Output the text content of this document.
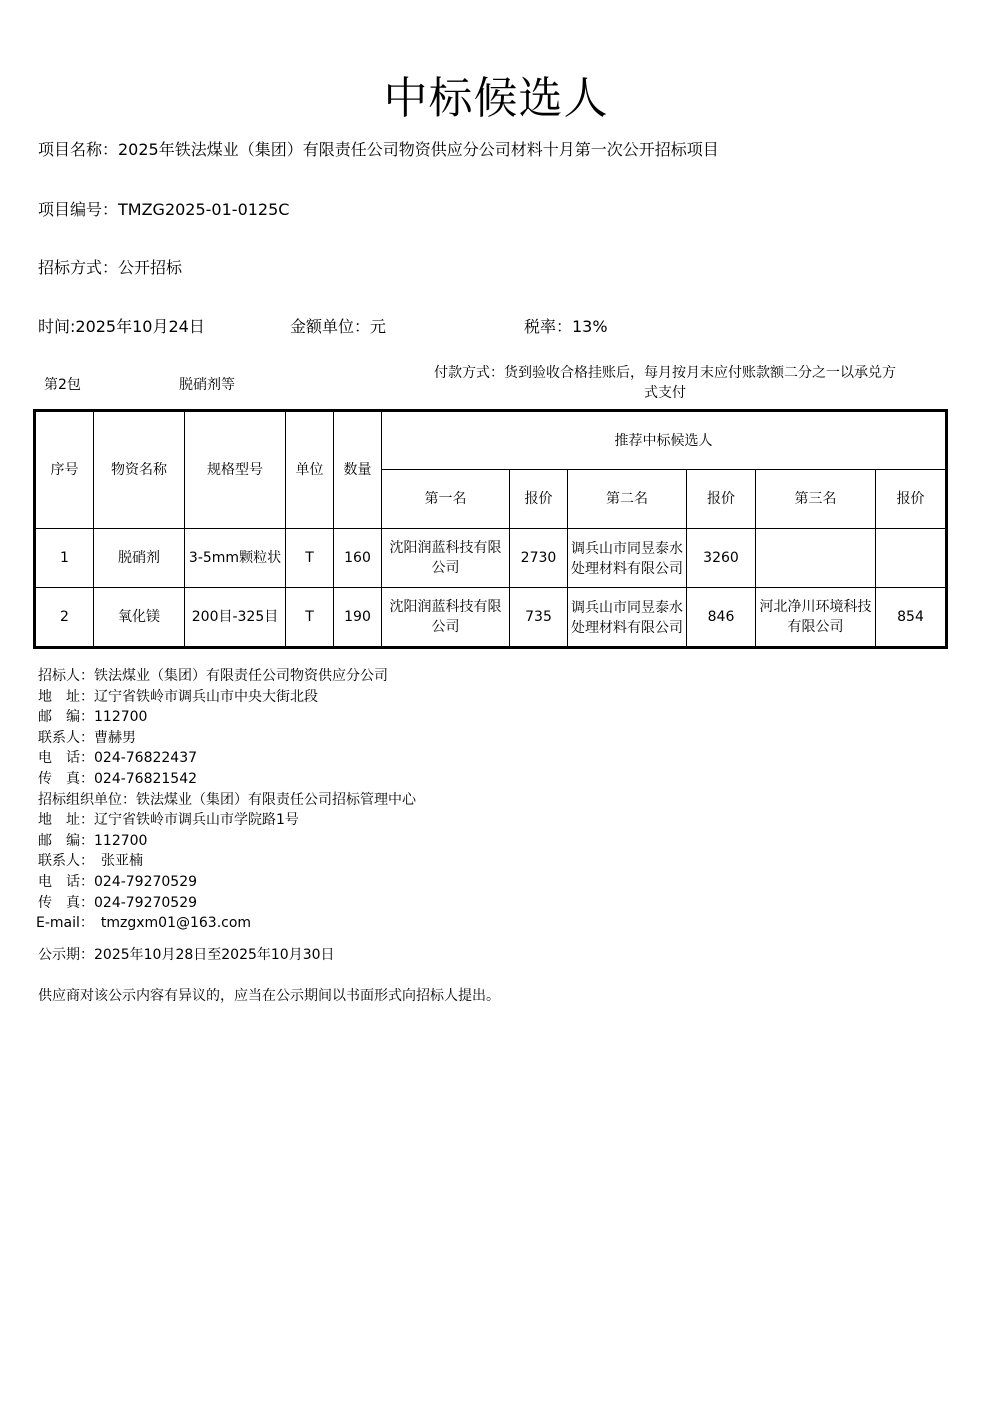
中标候选人
项目名称：2025年铁法煤业（集团）有限责任公司物资供应分公司材料十月第一次公开招标项目
项目编号：TMZG2025-01-0125C
招标方式：公开招标
时间:2025年10月24日	金额单位：元	税率：13%
第2包	脱硝剂等
付款方式：货到验收合格挂账后，每月按月末应付账款额二分之一以承兑方
式支付
序号	物资名称	规格型号	单位	数量	推荐中标候选人					
					第一名	报价	第二名	报价	第三名	报价
1	脱硝剂	3-5mm颗粒状	T	160	沈阳润蓝科技有限公司	2730	调兵山市同昱泰水处理材料有限公司	3260		
2	氧化镁	200目-325目	T	190	沈阳润蓝科技有限公司	735	调兵山市同昱泰水处理材料有限公司	846	河北净川环境科技有限公司	854
招标人：铁法煤业（集团）有限责任公司物资供应分公司
地　址：辽宁省铁岭市调兵山市中央大街北段
邮　编：112700
联系人：曹赫男
电　话：024-76822437
传　真：024-76821542
招标组织单位：铁法煤业（集团）有限责任公司招标管理中心
地　址：辽宁省铁岭市调兵山市学院路1号
邮　编：112700
联系人：　张亚楠
电　话：024-79270529
传　真：024-79270529
E-mail：　tmzgxm01@163.com
公示期：2025年10月28日至2025年10月30日
供应商对该公示内容有异议的，应当在公示期间以书面形式向招标人提出。
